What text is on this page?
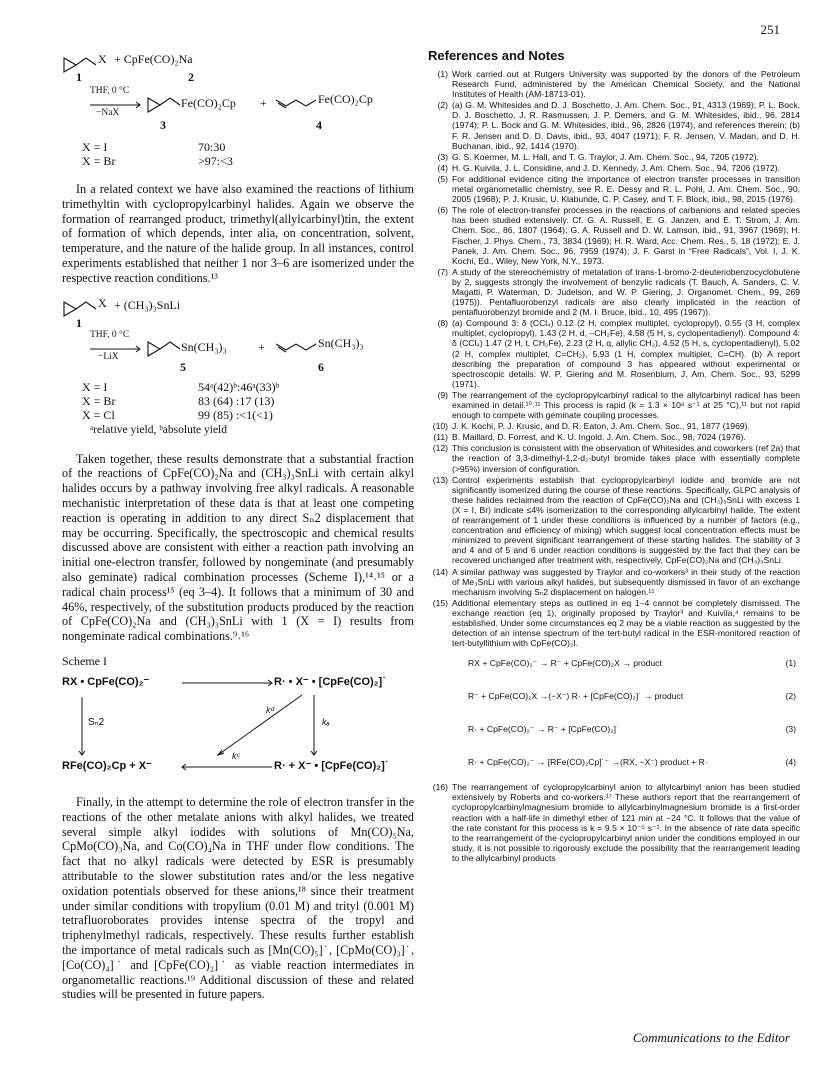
251
X + CpFe(CO)₂Na
1	2
THF, 0 °C
−NaX
Fe(CO)₂Cp +	Fe(CO)₂Cp
3	4
X = I	70:30
X = Br	>97:<3

In a related context we have also examined the reactions of lithium trimethyltin with cyclopropylcarbinyl halides. Again we observe the formation of rearranged product, trimethyl(allylcarbinyl)tin, the extent of formation of which depends, inter alia, on concentration, solvent, temperature, and the nature of the halide group. In all instances, control experiments established that neither 1 nor 3–6 are isomerized under the respective reaction conditions.¹³

X + (CH₃)₃SnLi
1
THF, 0 °C
−LiX
Sn(CH₃)₃	+	Sn(CH₃)₃
5	6
X = I	54ᵃ(42)ᵇ:46ᵃ(33)ᵇ
X = Br	83 (64) :17 (13)
X = Cl	99 (85) :<1(<1)
ᵃrelative yield, ᵇabsolute yield

Taken together, these results demonstrate that a substantial fraction of the reactions of CpFe(CO)₂Na and (CH₃)₃SnLi with certain alkyl halides occurs by a pathway involving free alkyl radicals. A reasonable mechanistic interpretation of these data is that at least one competing reaction is operating in addition to any direct Sₙ2 displacement that may be occurring. Specifically, the spectroscopic and chemical results discussed above are consistent with either a reaction path involving an initial one-electron transfer, followed by nongeminate (and presumably also geminate) radical combination processes (Scheme I),¹⁴˒¹⁵ or a radical chain process¹⁵ (eq 3–4). It follows that a minimum of 30 and 46%, respectively, of the substitution products produced by the reaction of CpFe(CO)₂Na and (CH₃)₃SnLi with 1 (X = I) results from nongeminate radical combinations.⁹˒¹⁶

Scheme I
RX • CpFe(CO)₂⁻	R· • X⁻ • [CpFe(CO)₂]˙
RFe(CO)₂Cp + X⁻	R· + X⁻ • [CpFe(CO)₂]˙
Sₙ2
kᵈ
kₐ
kᶜ

Finally, in the attempt to determine the role of electron transfer in the reactions of the other metalate anions with alkyl halides, we treated several simple alkyl iodides with solutions of Mn(CO)₅Na, CpMo(CO)₃Na, and Co(CO)₄Na in THF under flow conditions. The fact that no alkyl radicals were detected by ESR is presumably attributable to the slower substitution rates and/or the less negative oxidation potentials observed for these anions,¹⁸ since their treatment under similar conditions with tropylium (0.01 M) and trityl (0.001 M) tetrafluoroborates provides intense spectra of the tropyl and triphenylmethyl radicals, respectively. These results further establish the importance of metal radicals such as [Mn(CO)₅]˙, [CpMo(CO)₃]˙, [Co(CO)₄]˙ and [CpFe(CO)₂]˙ as viable reaction intermediates in organometallic reactions.¹⁹ Additional discussion of these and related studies will be presented in future papers.

References and Notes
(1) Work carried out at Rutgers University was supported by the donors of the Petroleum Research Fund, administered by the American Chemical Society, and the National Institutes of Health (AM-18713-01).
(2) (a) G. M. Whitesides and D. J. Boschetto, J. Am. Chem. Soc., 91, 4313 (1969); P. L. Bock, D. J. Boschetto, J. R. Rasmussen, J. P. Demers, and G. M. Whitesides, ibid., 96, 2814 (1974); P. L. Bock and G. M. Whitesides, ibid., 96, 2826 (1974), and references therein; (b) F. R. Jensen and D. D. Davis, ibid., 93, 4047 (1971); F. R. Jensen, V. Madan, and D. H. Buchanan, ibid., 92, 1414 (1970).
(3) G. S. Koermer, M. L. Hall, and T. G. Traylor, J. Am. Chem. Soc., 94, 7205 (1972).
(4) H. G. Kuivila, J. L. Considine, and J. D. Kennedy, J. Am. Chem. Soc., 94, 7206 (1972).
(5) For additional evidence citing the importance of electron transfer processes in transition metal organometallic chemistry, see R. E. Dessy and R. L. Pohl, J. Am. Chem. Soc., 90, 2005 (1968); P. J. Krusic, U. Klabunde, C. P. Casey, and T. F. Block, ibid., 98, 2015 (1976).
(6) The role of electron-transfer processes in the reactions of carbanions and related species has been studied extensively. Cf. G. A. Russell, E. G. Janzen, and E. T. Strom, J. Am. Chem. Soc., 86, 1807 (1964); G. A. Russell and D. W. Lamson, ibid., 91, 3967 (1969); H. Fischer, J. Phys. Chem., 73, 3834 (1969); H. R. Ward, Acc. Chem. Res., 5, 18 (1972); E. J. Panek, J. Am. Chem. Soc., 96, 7959 (1974); J. F. Garst in “Free Radicals”, Vol. I, J. K. Kochi, Ed., Wiley, New York, N.Y., 1973.
(7) A study of the stereochemistry of metalation of trans-1-bromo-2-deuteriobenzocyclobutene by 2, suggests strongly the involvement of benzylic radicals (T. Bauch, A. Sanders, C. V. Magatti, P. Waterman, D. Judelson, and W. P. Giering, J. Organomet. Chem., 99, 269 (1975)). Pentafluorobenzyl radicals are also clearly implicated in the reaction of pentafluorobenzyl bromide and 2 (M. I. Bruce, ibid., 10, 495 (1967)).
(8) (a) Compound 3: δ (CCl₄) 0.12 (2 H, complex multiplet, cyclopropyl), 0.55 (3 H, complex multiplet, cyclopropyl), 1.43 (2 H, d, –CH₂Fe), 4.58 (5 H, s, cyclopentadienyl). Compound 4: δ (CCl₄) 1.47 (2 H, t, CH₂Fe), 2.23 (2 H, q, allylic CH₂), 4.52 (5 H, s, cyclopentadienyl), 5.02 (2 H, complex multiplet, C=CH₂), 5.93 (1 H, complex multiplet, C=CH). (b) A report describing the preparation of compound 3 has appeared without experimental or spectroscopic details: W. P. Giering and M. Rosenblum, J. Am. Chem. Soc., 93, 5299 (1971).
(9) The rearrangement of the cyclopropylcarbinyl radical to the allylcarbinyl radical has been examined in detail.¹⁰˒¹¹ This process is rapid (k = 1.3 × 10⁸ s⁻¹ at 25 °C),¹¹ but not rapid enough to compete with geminate coupling processes.
(10) J. K. Kochi, P. J. Krusic, and D. R. Eaton, J. Am. Chem. Soc., 91, 1877 (1969).
(11) B. Maillard, D. Forrest, and K. U. Ingold, J. Am. Chem. Soc., 98, 7024 (1976).
(12) This conclusion is consistent with the observation of Whitesides and coworkers (ref 2a) that the reaction of 3,3-dimethyl-1,2-d₂-butyl bromide takes place with essentially complete (>95%) inversion of configuration.
(13) Control experiments establish that cyclopropylcarbinyl iodide and bromide are not significantly isomerized during the course of these reactions. Specifically, GLPC analysis of these halides reclaimed from the reaction of CpFe(CO)₂Na and (CH₃)₃SnLi with excess 1 (X = I, Br) indicate ≤4% isomerization to the corresponding allylcarbinyl halide. The extent of rearrangement of 1 under these conditions is influenced by a number of factors (e.g., concentration and efficiency of mixing) which suggest local concentration effects must be minimized to prevent significant rearrangement of these starting halides. The stability of 3 and 4 and of 5 and 6 under reaction conditions is suggested by the fact that they can be recovered unchanged after treatment with, respectively, CpFe(CO)₂Na and (CH₃)₃SnLi.
(14) A similar pathway was suggested by Traylor and co-workers³ in their study of the reaction of Me₃SnLi with various alkyl halides, but subsequently dismissed in favor of an exchange mechanism involving Sₙ2 displacement on halogen.¹⁵
(15) Additional elementary steps as outlined in eq 1–4 cannot be completely dismissed. The exchange reaction (eq 1), originally proposed by Traylor³ and Kuivila,⁴ remains to be established. Under some circumstances eq 2 may be a viable reaction as suggested by the detection of an intense spectrum of the tert-butyl radical in the ESR-monitored reaction of tert-butyllithium with CpFe(CO)₂I.
RX + CpFe(CO)₂⁻ → R⁻ + CpFe(CO)₂X → product	(1)
R⁻ + CpFe(CO)₂X →(−X⁻) R· + [CpFe(CO)₂]˙ → product	(2)
R· + CpFe(CO)₂⁻ → R⁻ + [CpFe(CO)₂]˙	(3)
R· + CpFe(CO)₂⁻ → [RFe(CO)₂Cp]˙⁻ →(RX, −X⁻) product + R·	(4)
(16) The rearrangement of cyclopropylcarbinyl anion to allylcarbinyl anion has been studied extensively by Roberts and co-workers.¹⁷ These authors report that the rearrangement of cyclopropylcarbinylmagnesium bromide to allylcarbinylmagnesium bromide is a first-order reaction with a half-life in dimethyl ether of 121 min at −24 °C. It follows that the value of the rate constant for this process is k = 9.5 × 10⁻⁵ s⁻¹. In the absence of rate data specific to the rearrangement of the cyclopropylcarbinyl anion under the conditions employed in our study, it is not possible to rigorously exclude the possibility that the rearrangement leading to the allylcarbinyl products
Communications to the Editor
